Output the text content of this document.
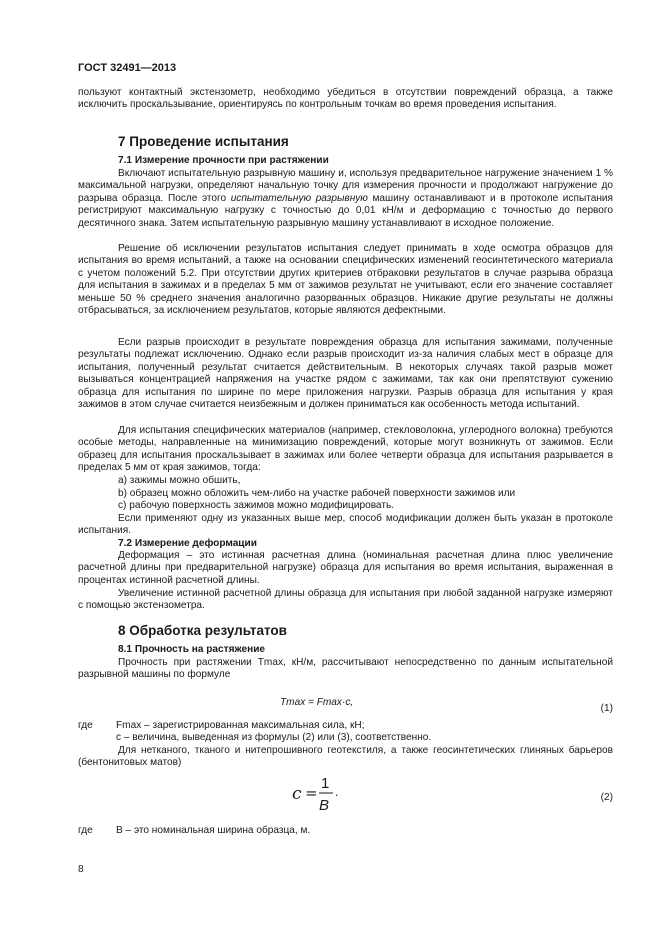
ГОСТ 32491—2013

пользуют контактный экстензометр, необходимо убедиться в отсутствии повреждений образца, а также исключить проскальзывание, ориентируясь по контрольным точкам во время проведения испытания.

7 Проведение испытания
7.1 Измерение прочности при растяжении

Включают испытательную разрывную машину и, используя предварительное нагружение значением 1 % максимальной нагрузки, определяют начальную точку для измерения прочности и продолжают нагружение до разрыва образца. После этого испытательную разрывную машину останавливают и в протоколе испытания регистрируют максимальную нагрузку с точностью до 0,01 кН/м и деформацию с точностью до первого десятичного знака. Затем испытательную разрывную машину устанавливают в исходное положение.

Решение об исключении результатов испытания следует принимать в ходе осмотра образцов для испытания во время испытаний, а также на основании специфических изменений геосинтетического материала с учетом положений 5.2. При отсутствии других критериев отбраковки результатов в случае разрыва образца для испытания в зажимах и в пределах 5 мм от зажимов результат не учитывают, если его значение составляет меньше 50 % среднего значения аналогично разорванных образцов. Никакие другие результаты не должны отбрасываться, за исключением результатов, которые являются дефектными.

Если разрыв происходит в результате повреждения образца для испытания зажимами, полученные результаты подлежат исключению. Однако если разрыв происходит из-за наличия слабых мест в образце для испытания, полученный результат считается действительным. В некоторых случаях такой разрыв может вызываться концентрацией напряжения на участке рядом с зажимами, так как они препятствуют сужению образца для испытания по ширине по мере приложения нагрузки. Разрыв образца для испытания у края зажимов в этом случае считается неизбежным и должен приниматься как особенность метода испытаний.

Для испытания специфических материалов (например, стекловолокна, углеродного волокна) требуются особые методы, направленные на минимизацию повреждений, которые могут возникнуть от зажимов. Если образец для испытания проскальзывает в зажимах или более четверти образца для испытания разрывается в пределах 5 мм от края зажимов, тогда:

a) зажимы можно обшить,
b) образец можно обложить чем-либо на участке рабочей поверхности зажимов или
c) рабочую поверхность зажимов можно модифицировать.

Если применяют одну из указанных выше мер, способ модификации должен быть указан в протоколе испытания.

7.2 Измерение деформации

Деформация – это истинная расчетная длина (номинальная расчетная длина плюс увеличение расчетной длины при предварительной нагрузке) образца для испытания во время испытания, выраженная в процентах истинной расчетной длины.

Увеличение истинной расчетной длины образца для испытания при любой заданной нагрузке измеряют с помощью экстензометра.

8 Обработка результатов
8.1 Прочность на растяжение

Прочность при растяжении Tmax, кН/м, рассчитывают непосредственно по данным испытательной разрывной машины по формуле

Tmax = Fmax·c,
(1)
где Fmax – зарегистрированная максимальная сила, кН;
c – величина, выведенная из формулы (2) или (3), соответственно.

Для нетканого, тканого и нитепрошивного геотекстиля, а также геосинтетических глиняных барьеров (бентонитовых матов)

c =
1
B
.	(2)
где B – это номинальная ширина образца, м.
8
